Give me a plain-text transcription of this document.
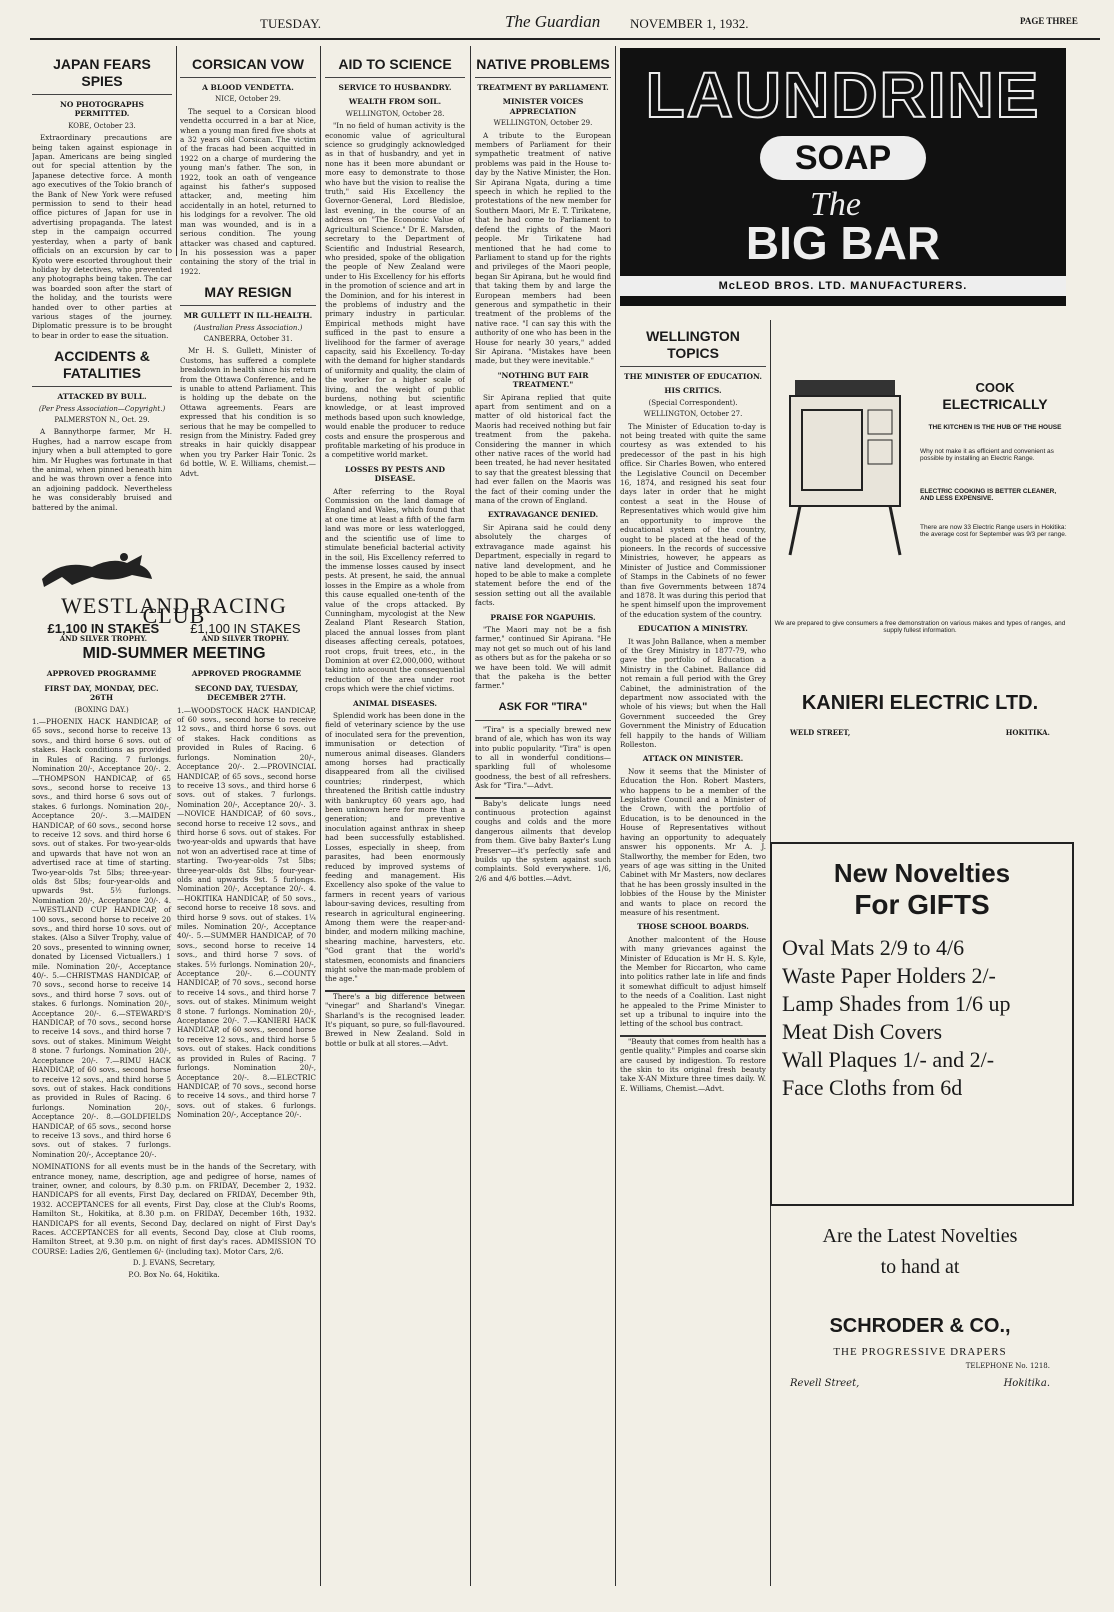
TUESDAY.	The Guardian NOVEMBER 1, 1932.	PAGE THREE
JAPAN FEARS SPIES
NO PHOTOGRAPHS PERMITTED.
KOBE, October 23.

Extraordinary precautions are being taken against espionage in Japan. Americans are being singled out for special attention by the Japanese detective force. A month ago executives of the Tokio branch of the Bank of New York were refused permission to send to their head office pictures of Japan for use in advertising propaganda. The latest step in the campaign occurred yesterday, when a party of bank officials on an excursion by car to Kyoto were escorted throughout their holiday by detectives, who prevented any photographs being taken. The car was boarded soon after the start of the holiday, and the tourists were handed over to other parties at various stages of the journey. Diplomatic pressure is to be brought to bear in order to ease the situation.

ACCIDENTS & FATALITIES
ATTACKED BY BULL.
(Per Press Association—Copyright.)
PALMERSTON N., Oct. 29.

A Bannythorpe farmer, Mr H. Hughes, had a narrow escape from injury when a bull attempted to gore him. Mr Hughes was fortunate in that the animal, when pinned beneath him and he was thrown over a fence into an adjoining paddock. Nevertheless he was considerably bruised and battered by the animal.

CORSICAN VOW
A BLOOD VENDETTA.
NICE, October 29.

The sequel to a Corsican blood vendetta occurred in a bar at Nice, when a young man fired five shots at a 32 years old Corsican. The victim of the fracas had been acquitted in 1922 on a charge of murdering the young man's father. The son, in 1922, took an oath of vengeance against his father's supposed attacker, and, meeting him accidentally in an hotel, returned to his lodgings for a revolver. The old man was wounded, and is in a serious condition. The young attacker was chased and captured. In his possession was a paper containing the story of the trial in 1922.

MAY RESIGN
MR GULLETT IN ILL-HEALTH.
(Australian Press Association.)
CANBERRA, October 31.

Mr H. S. Gullett, Minister of Customs, has suffered a complete breakdown in health since his return from the Ottawa Conference, and he is unable to attend Parliament. This is holding up the debate on the Ottawa agreements. Fears are expressed that his condition is so serious that he may be compelled to resign from the Ministry. Faded grey streaks in hair quickly disappear when you try Parker Hair Tonic. 2s 6d bottle, W. E. Williams, chemist.—Advt.

WESTLAND RACING CLUB
£1,100 IN STAKES
AND SILVER TROPHY.
£1,100 IN STAKES
AND SILVER TROPHY.
MID-SUMMER MEETING
APPROVED PROGRAMME
FIRST DAY, MONDAY, DEC. 26TH
(BOXING DAY.)

1.—PHOENIX HACK HANDICAP, of 65 sovs., second horse to receive 13 sovs., and third horse 6 sovs. out of stakes. Hack conditions as provided in Rules of Racing. 7 furlongs. Nomination 20/-, Acceptance 20/-. 2.—THOMPSON HANDICAP, of 65 sovs., second horse to receive 13 sovs., and third horse 6 sovs out of stakes. 6 furlongs. Nomination 20/-, Acceptance 20/-. 3.—MAIDEN HANDICAP, of 60 sovs., second horse to receive 12 sovs. and third horse 6 sovs. out of stakes. For two-year-olds and upwards that have not won an advertised race at time of starting. Two-year-olds 7st 5lbs; three-year-olds 8st 5lbs; four-year-olds and upwards 9st. 5½ furlongs. Nomination 20/-, Acceptance 20/-. 4.—WESTLAND CUP HANDICAP, of 100 sovs., second horse to receive 20 sovs., and third horse 10 sovs. out of stakes. (Also a Silver Trophy, value of 20 sovs., presented to winning owner, donated by Licensed Victuallers.) 1 mile. Nomination 20/-, Acceptance 40/-. 5.—CHRISTMAS HANDICAP, of 70 sovs., second horse to receive 14 sovs., and third horse 7 sovs. out of stakes. 6 furlongs. Nomination 20/-, Acceptance 20/-. 6.—STEWARD'S HANDICAP, of 70 sovs., second horse to receive 14 sovs., and third horse 7 sovs. out of stakes. Minimum Weight 8 stone. 7 furlongs. Nomination 20/-, Acceptance 20/-. 7.—RIMU HACK HANDICAP, of 60 sovs., second horse to receive 12 sovs., and third horse 5 sovs. out of stakes. Hack conditions as provided in Rules of Racing. 6 furlongs. Nomination 20/-, Acceptance 20/-. 8.—GOLDFIELDS HANDICAP, of 65 sovs., second horse to receive 13 sovs., and third horse 6 sovs. out of stakes. 7 furlongs. Nomination 20/-, Acceptance 20/-.

APPROVED PROGRAMME
SECOND DAY, TUESDAY, DECEMBER 27TH.

1.—WOODSTOCK HACK HANDICAP, of 60 sovs., second horse to receive 12 sovs., and third horse 6 sovs. out of stakes. Hack conditions as provided in Rules of Racing. 6 furlongs. Nomination 20/-, Acceptance 20/-. 2.—PROVINCIAL HANDICAP, of 65 sovs., second horse to receive 13 sovs., and third horse 6 sovs. out of stakes. 7 furlongs. Nomination 20/-, Acceptance 20/-. 3.—NOVICE HANDICAP, of 60 sovs., second horse to receive 12 sovs., and third horse 6 sovs. out of stakes. For two-year-olds and upwards that have not won an advertised race at time of starting. Two-year-olds 7st 5lbs; three-year-olds 8st 5lbs; four-year-olds and upwards 9st. 5 furlongs. Nomination 20/-, Acceptance 20/-. 4.—HOKITIKA HANDICAP, of 50 sovs., second horse to receive 18 sovs. and third horse 9 sovs. out of stakes. 1¼ miles. Nomination 20/-, Acceptance 40/-. 5.—SUMMER HANDICAP, of 70 sovs., second horse to receive 14 sovs., and third horse 7 sovs. of stakes. 5½ furlongs. Nomination 20/-, Acceptance 20/-. 6.—COUNTY HANDICAP, of 70 sovs., second horse to receive 14 sovs., and third horse 7 sovs. out of stakes. Minimum weight 8 stone. 7 furlongs. Nomination 20/-, Acceptance 20/-. 7.—KANIERI HACK HANDICAP, of 60 sovs., second horse to receive 12 sovs., and third horse 5 sovs. out of stakes. Hack conditions as provided in Rules of Racing. 7 furlongs. Nomination 20/-, Acceptance 20/-. 8.—ELECTRIC HANDICAP, of 70 sovs., second horse to receive 14 sovs., and third horse 7 sovs. out of stakes. 6 furlongs. Nomination 20/-, Acceptance 20/-.

NOMINATIONS for all events must be in the hands of the Secretary, with entrance money, name, description, age and pedigree of horse, names of trainer, owner, and colours, by 8.30 p.m. on FRIDAY, December 2, 1932. HANDICAPS for all events, First Day, declared on FRIDAY, December 9th, 1932. ACCEPTANCES for all events, First Day, close at the Club's Rooms, Hamilton St., Hokitika, at 8.30 p.m. on FRIDAY, December 16th, 1932. HANDICAPS for all events, Second Day, declared on night of First Day's Races. ACCEPTANCES for all events, Second Day, close at Club rooms, Hamilton Street, at 9.30 p.m. on night of first day's races. ADMISSION TO COURSE: Ladies 2/6, Gentlemen 6/- (including tax). Motor Cars, 2/6.

D. J. EVANS, Secretary,
P.O. Box No. 64, Hokitika.
AID TO SCIENCE
SERVICE TO HUSBANDRY.
WEALTH FROM SOIL.
WELLINGTON, October 28.

"In no field of human activity is the economic value of agricultural science so grudgingly acknowledged as in that of husbandry, and yet in none has it been more abundant or more easy to demonstrate to those who have but the vision to realise the truth," said His Excellency the Governor-General, Lord Bledisloe, last evening, in the course of an address on "The Economic Value of Agricultural Science." Dr E. Marsden, secretary to the Department of Scientific and Industrial Research, who presided, spoke of the obligation the people of New Zealand were under to His Excellency for his efforts in the promotion of science and art in the Dominion, and for his interest in the problems of industry and the primary industry in particular. Empirical methods might have sufficed in the past to ensure a livelihood for the farmer of average capacity, said his Excellency. To-day with the demand for higher standards of uniformity and quality, the claim of the worker for a higher scale of living, and the weight of public burdens, nothing but scientific knowledge, or at least improved methods based upon such knowledge, would enable the producer to reduce costs and ensure the prosperous and profitable marketing of his produce in a competitive world market.

LOSSES BY PESTS AND DISEASE.

After referring to the Royal Commission on the land damage of England and Wales, which found that at one time at least a fifth of the farm land was more or less waterlogged, and the scientific use of lime to stimulate beneficial bacterial activity in the soil, His Excellency referred to the immense losses caused by insect pests. At present, he said, the annual losses in the Empire as a whole from this cause equalled one-tenth of the value of the crops attacked. By Cunningham, mycologist at the New Zealand Plant Research Station, placed the annual losses from plant diseases affecting cereals, potatoes, root crops, fruit trees, etc., in the Dominion at over £2,000,000, without taking into account the consequential reduction of the area under root crops which were the chief victims.

ANIMAL DISEASES.

Splendid work has been done in the field of veterinary science by the use of inoculated sera for the prevention, immunisation or detection of numerous animal diseases. Glanders among horses had practically disappeared from all the civilised countries; rinderpest, which threatened the British cattle industry with bankruptcy 60 years ago, had been unknown here for more than a generation; and preventive inoculation against anthrax in sheep had been successfully established. Losses, especially in sheep, from parasites, had been enormously reduced by improved systems of feeding and management. His Excellency also spoke of the value to farmers in recent years of various labour-saving devices, resulting from research in agricultural engineering. Among them were the reaper-and-binder, and modern milking machine, shearing machine, harvesters, etc. "God grant that the world's statesmen, economists and financiers might solve the man-made problem of the age."

There's a big difference between "vinegar" and Sharland's Vinegar. Sharland's is the recognised leader. It's piquant, so pure, so full-flavoured. Brewed in New Zealand. Sold in bottle or bulk at all stores.—Advt.

NATIVE PROBLEMS
TREATMENT BY PARLIAMENT.
MINISTER VOICES APPRECIATION
WELLINGTON, October 29.

A tribute to the European members of Parliament for their sympathetic treatment of native problems was paid in the House to-day by the Native Minister, the Hon. Sir Apirana Ngata, during a time speech in which he replied to the protestations of the new member for Southern Maori, Mr E. T. Tirikatene, that he had come to Parliament to defend the rights of the Maori people. Mr Tirikatene had mentioned that he had come to Parliament to stand up for the rights and privileges of the Maori people, began Sir Apirana, but he would find that taking them by and large the European members had been generous and sympathetic in their treatment of the problems of the native race. "I can say this with the authority of one who has been in the House for nearly 30 years," added Sir Apirana. "Mistakes have been made, but they were inevitable."

"NOTHING BUT FAIR TREATMENT."

Sir Apirana replied that quite apart from sentiment and on a matter of old historical fact the Maoris had received nothing but fair treatment from the pakeha. Considering the manner in which other native races of the world had been treated, he had never hesitated to say that the greatest blessing that had ever fallen on the Maoris was the fact of their coming under the mana of the crown of England.

EXTRAVAGANCE DENIED.

Sir Apirana said he could deny absolutely the charges of extravagance made against his Department, especially in regard to native land development, and he hoped to be able to make a complete statement before the end of the session setting out all the available facts.

PRAISE FOR NGAPUHIS.

"The Maori may not be a fish farmer," continued Sir Apirana. "He may not get so much out of his land as others but as for the pakeha or so we have been told. We will admit that the pakeha is the better farmer."

ASK FOR "TIRA"

"Tira" is a specially brewed new brand of ale, which has won its way into public popularity. "Tira" is open to all in wonderful conditions—sparkling full of wholesome goodness, the best of all refreshers. Ask for "Tira."—Advt.

Baby's delicate lungs need continuous protection against coughs and colds and the more dangerous ailments that develop from them. Give baby Baxter's Lung Preserver—it's perfectly safe and builds up the system against such complaints. Sold everywhere. 1/6, 2/6 and 4/6 bottles.—Advt.

LAUNDRINE
SOAP
The
BIG BAR
McLEOD BROS. LTD. MANUFACTURERS.
WELLINGTON TOPICS
THE MINISTER OF EDUCATION.
HIS CRITICS.
(Special Correspondent).
WELLINGTON, October 27.

The Minister of Education to-day is not being treated with quite the same courtesy as was extended to his predecessor of the past in his high office. Sir Charles Bowen, who entered the Legislative Council on December 16, 1874, and resigned his seat four days later in order that he might contest a seat in the House of Representatives which would give him an opportunity to improve the educational system of the country, ought to be placed at the head of the pioneers. In the records of successive Ministries, however, he appears as Minister of Justice and Commissioner of Stamps in the Cabinets of no fewer than five Governments between 1874 and 1878. It was during this period that he spent himself upon the improvement of the education system of the country.

EDUCATION A MINISTRY.

It was John Ballance, when a member of the Grey Ministry in 1877-79, who gave the portfolio of Education a Ministry in the Cabinet. Ballance did not remain a full period with the Grey Cabinet, the administration of the department now associated with the whole of his views; but when the Hall Government succeeded the Grey Government the Ministry of Education fell happily to the hands of William Rolleston.

ATTACK ON MINISTER.

Now it seems that the Minister of Education the Hon. Robert Masters, who happens to be a member of the Legislative Council and a Minister of the Crown, with the portfolio of Education, is to be denounced in the House of Representatives without having an opportunity to adequately answer his opponents. Mr A. J. Stallworthy, the member for Eden, two years of age was sitting in the United Cabinet with Mr Masters, now declares that he has been grossly insulted in the lobbies of the House by the Minister and wants to place on record the measure of his resentment.

THOSE SCHOOL BOARDS.

Another malcontent of the House with many grievances against the Minister of Education is Mr H. S. Kyle, the Member for Riccarton, who came into politics rather late in life and finds it somewhat difficult to adjust himself to the needs of a Coalition. Last night he appealed to the Prime Minister to set up a tribunal to inquire into the letting of the school bus contract.

"Beauty that comes from health has a gentle quality." Pimples and coarse skin are caused by indigestion. To restore the skin to its original fresh beauty take X-AN Mixture three times daily. W. E. Williams, Chemist.—Advt.

COOK
ELECTRICALLY
THE KITCHEN IS THE HUB OF THE HOUSE
Why not make it as efficient and convenient as possible by installing an Electric Range.
ELECTRIC COOKING IS BETTER CLEANER, AND LESS EXPENSIVE.
There are now 33 Electric Range users in Hokitika: the average cost for September was 9/3 per range.
We are prepared to give consumers a free demonstration on various makes and types of ranges, and supply fullest information.
KANIERI ELECTRIC LTD.
WELD STREET,	HOKITIKA.
New Novelties
For GIFTS
Oval Mats 2/9 to 4/6
Waste Paper Holders 2/-
Lamp Shades from 1/6 up
Meat Dish Covers
Wall Plaques 1/- and 2/-
Face Cloths from 6d
Are the Latest Novelties
to hand at
SCHRODER & CO.,
THE PROGRESSIVE DRAPERS
TELEPHONE No. 1218.
Revell Street,	Hokitika.
